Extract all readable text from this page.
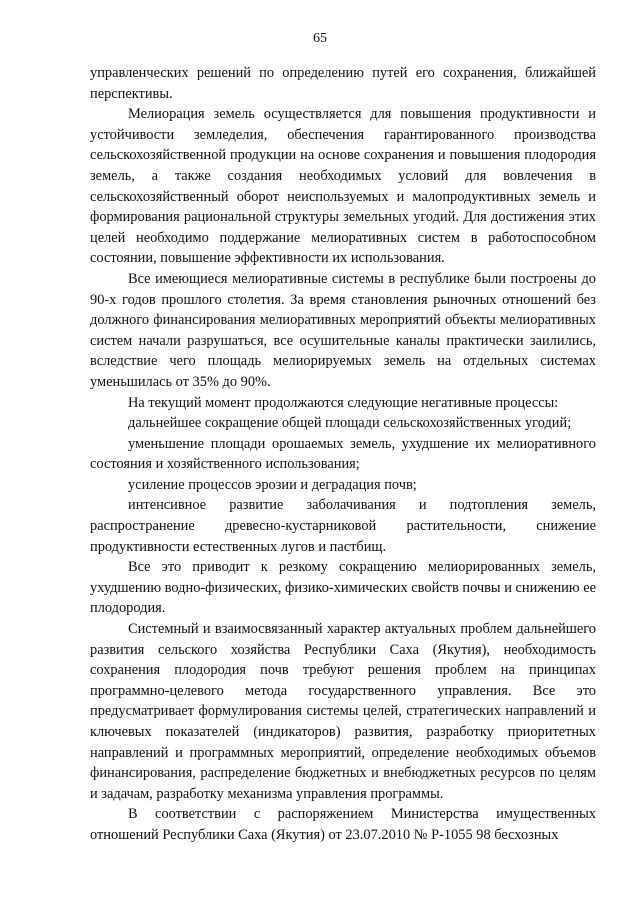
65

управленческих решений по определению путей его сохранения, ближайшей перспективы.

Мелиорация земель осуществляется для повышения продуктивности и устойчивости земледелия, обеспечения гарантированного производства сельскохозяйственной продукции на основе сохранения и повышения плодородия земель, а также создания необходимых условий для вовлечения в сельскохозяйственный оборот неиспользуемых и малопродуктивных земель и формирования рациональной структуры земельных угодий. Для достижения этих целей необходимо поддержание мелиоративных систем в работоспособном состоянии, повышение эффективности их использования.

Все имеющиеся мелиоративные системы в республике были построены до 90-х годов прошлого столетия. За время становления рыночных отношений без должного финансирования мелиоративных мероприятий объекты мелиоративных систем начали разрушаться, все осушительные каналы практически заилились, вследствие чего площадь мелиорируемых земель на отдельных системах уменьшилась от 35% до 90%.

На текущий момент продолжаются следующие негативные процессы:

дальнейшее сокращение общей площади сельскохозяйственных угодий;

уменьшение площади орошаемых земель, ухудшение их мелиоративного состояния и хозяйственного использования;

усиление процессов эрозии и деградация почв;

интенсивное развитие заболачивания и подтопления земель, распространение древесно-кустарниковой растительности, снижение продуктивности естественных лугов и пастбищ.

Все это приводит к резкому сокращению мелиорированных земель, ухудшению водно-физических, физико-химических свойств почвы и снижению ее плодородия.

Системный и взаимосвязанный характер актуальных проблем дальнейшего развития сельского хозяйства Республики Саха (Якутия), необходимость сохранения плодородия почв требуют решения проблем на принципах программно-целевого метода государственного управления. Все это предусматривает формулирования системы целей, стратегических направлений и ключевых показателей (индикаторов) развития, разработку приоритетных направлений и программных мероприятий, определение необходимых объемов финансирования, распределение бюджетных и внебюджетных ресурсов по целям и задачам, разработку механизма управления программы.

В соответствии с распоряжением Министерства имущественных отношений Республики Саха (Якутия) от 23.07.2010 № Р-1055 98 бесхозных
